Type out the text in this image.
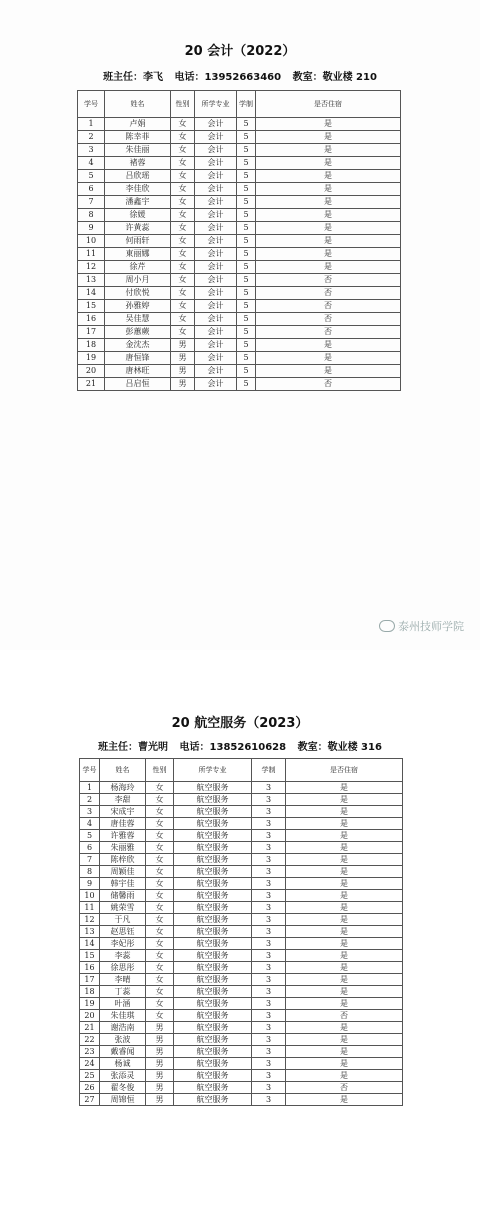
20 会计（2022）
班主任：李飞 电话：13952663460 教室：敬业楼 210
泰州技师学院
20 航空服务（2023）
班主任：曹光明 电话：13852610628 教室：敬业楼 316
学号	姓名	性别	所学专业	学制	是否住宿
1	卢娟	女	会计	5	是
2	陈幸菲	女	会计	5	是
3	朱佳丽	女	会计	5	是
4	褚蓉	女	会计	5	是
5	吕欣瑶	女	会计	5	是
6	李佳欣	女	会计	5	是
7	潘鑫宇	女	会计	5	是
8	徐媛	女	会计	5	是
9	许黄蕊	女	会计	5	是
10	何雨轩	女	会计	5	是
11	東丽娜	女	会计	5	是
12	徐芹	女	会计	5	是
13	周小月	女	会计	5	否
14	付欣悦	女	会计	5	否
15	孙雅婷	女	会计	5	否
16	吴佳慧	女	会计	5	否
17	彭蕙蕨	女	会计	5	否
18	金沈杰	男	会计	5	是
19	唐恒锋	男	会计	5	是
20	唐林旺	男	会计	5	是
21	吕启恒	男	会计	5	否
学号	姓名	性别	所学专业	学制	是否住宿
1	杨海玲	女	航空服务	3	是
2	李甜	女	航空服务	3	是
3	宋成宇	女	航空服务	3	是
4	唐佳蓉	女	航空服务	3	是
5	许雅蓉	女	航空服务	3	是
6	朱丽雅	女	航空服务	3	是
7	陈梓欣	女	航空服务	3	是
8	周颖佳	女	航空服务	3	是
9	韩宇佳	女	航空服务	3	是
10	储馨雨	女	航空服务	3	是
11	姚荣雪	女	航空服务	3	是
12	于凡	女	航空服务	3	是
13	赵思钰	女	航空服务	3	是
14	李妃彤	女	航空服务	3	是
15	李蕊	女	航空服务	3	是
16	徐思彤	女	航空服务	3	是
17	李晴	女	航空服务	3	是
18	丁蕊	女	航空服务	3	是
19	叶涵	女	航空服务	3	是
20	朱佳琪	女	航空服务	3	否
21	谢浩南	男	航空服务	3	是
22	张波	男	航空服务	3	是
23	戴睿闻	男	航空服务	3	是
24	杨诚	男	航空服务	3	是
25	张添灵	男	航空服务	3	是
26	翟冬俊	男	航空服务	3	否
27	周锦恒	男	航空服务	3	是
